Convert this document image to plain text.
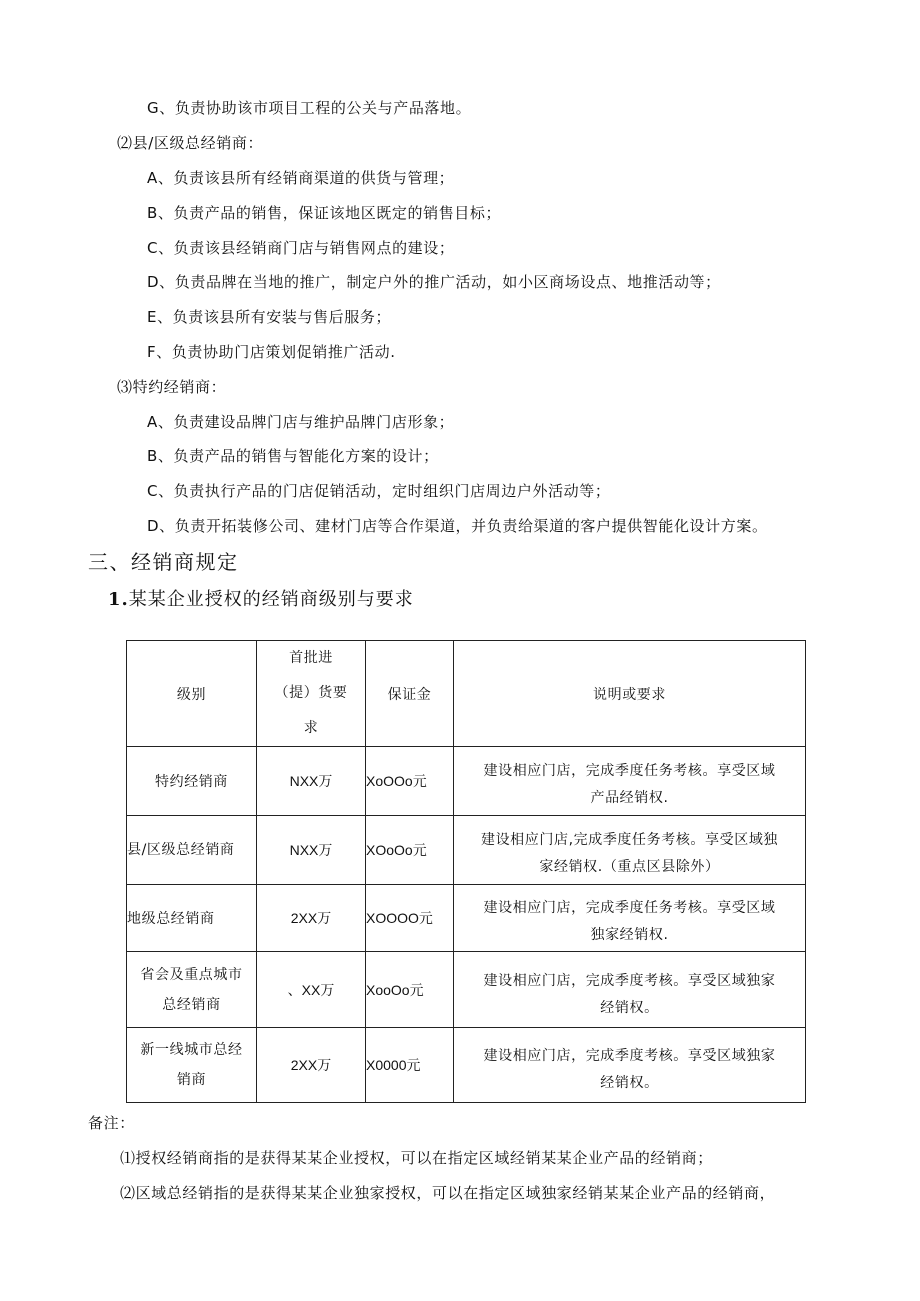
G、负责协助该市项目工程的公关与产品落地。
⑵县/区级总经销商：
A、负责该县所有经销商渠道的供货与管理；
B、负责产品的销售，保证该地区既定的销售目标；
C、负责该县经销商门店与销售网点的建设；
D、负责品牌在当地的推广，制定户外的推广活动，如小区商场设点、地推活动等；
E、负责该县所有安装与售后服务；
F、负责协助门店策划促销推广活动.
⑶特约经销商：
A、负责建设品牌门店与维护品牌门店形象；
B、负责产品的销售与智能化方案的设计；
C、负责执行产品的门店促销活动，定时组织门店周边户外活动等；
D、负责开拓装修公司、建材门店等合作渠道，并负责给渠道的客户提供智能化设计方案。
三、经销商规定
1.某某企业授权的经销商级别与要求
级别	首批进
（提）货要
求	保证金	说明或要求

特约经销商	NXX万	XoOOo元	建设相应门店，完成季度任务考核。享受区域
产品经销权.

县/区级总经销商	NXX万	XOoOo元	建设相应门店,完成季度任务考核。享受区域独
家经销权.（重点区县除外）

地级总经销商	2XX万	XOOOO元	建设相应门店，完成季度任务考核。享受区域
独家经销权.

省会及重点城市
总经销商	、XX万	XooOo元	建设相应门店，完成季度考核。享受区域独家
经销权。

新一线城市总经
销商	2XX万	X0000元	建设相应门店，完成季度考核。享受区域独家
经销权。
备注：
⑴授权经销商指的是获得某某企业授权，可以在指定区域经销某某企业产品的经销商；
⑵区域总经销指的是获得某某企业独家授权，可以在指定区域独家经销某某企业产品的经销商，
